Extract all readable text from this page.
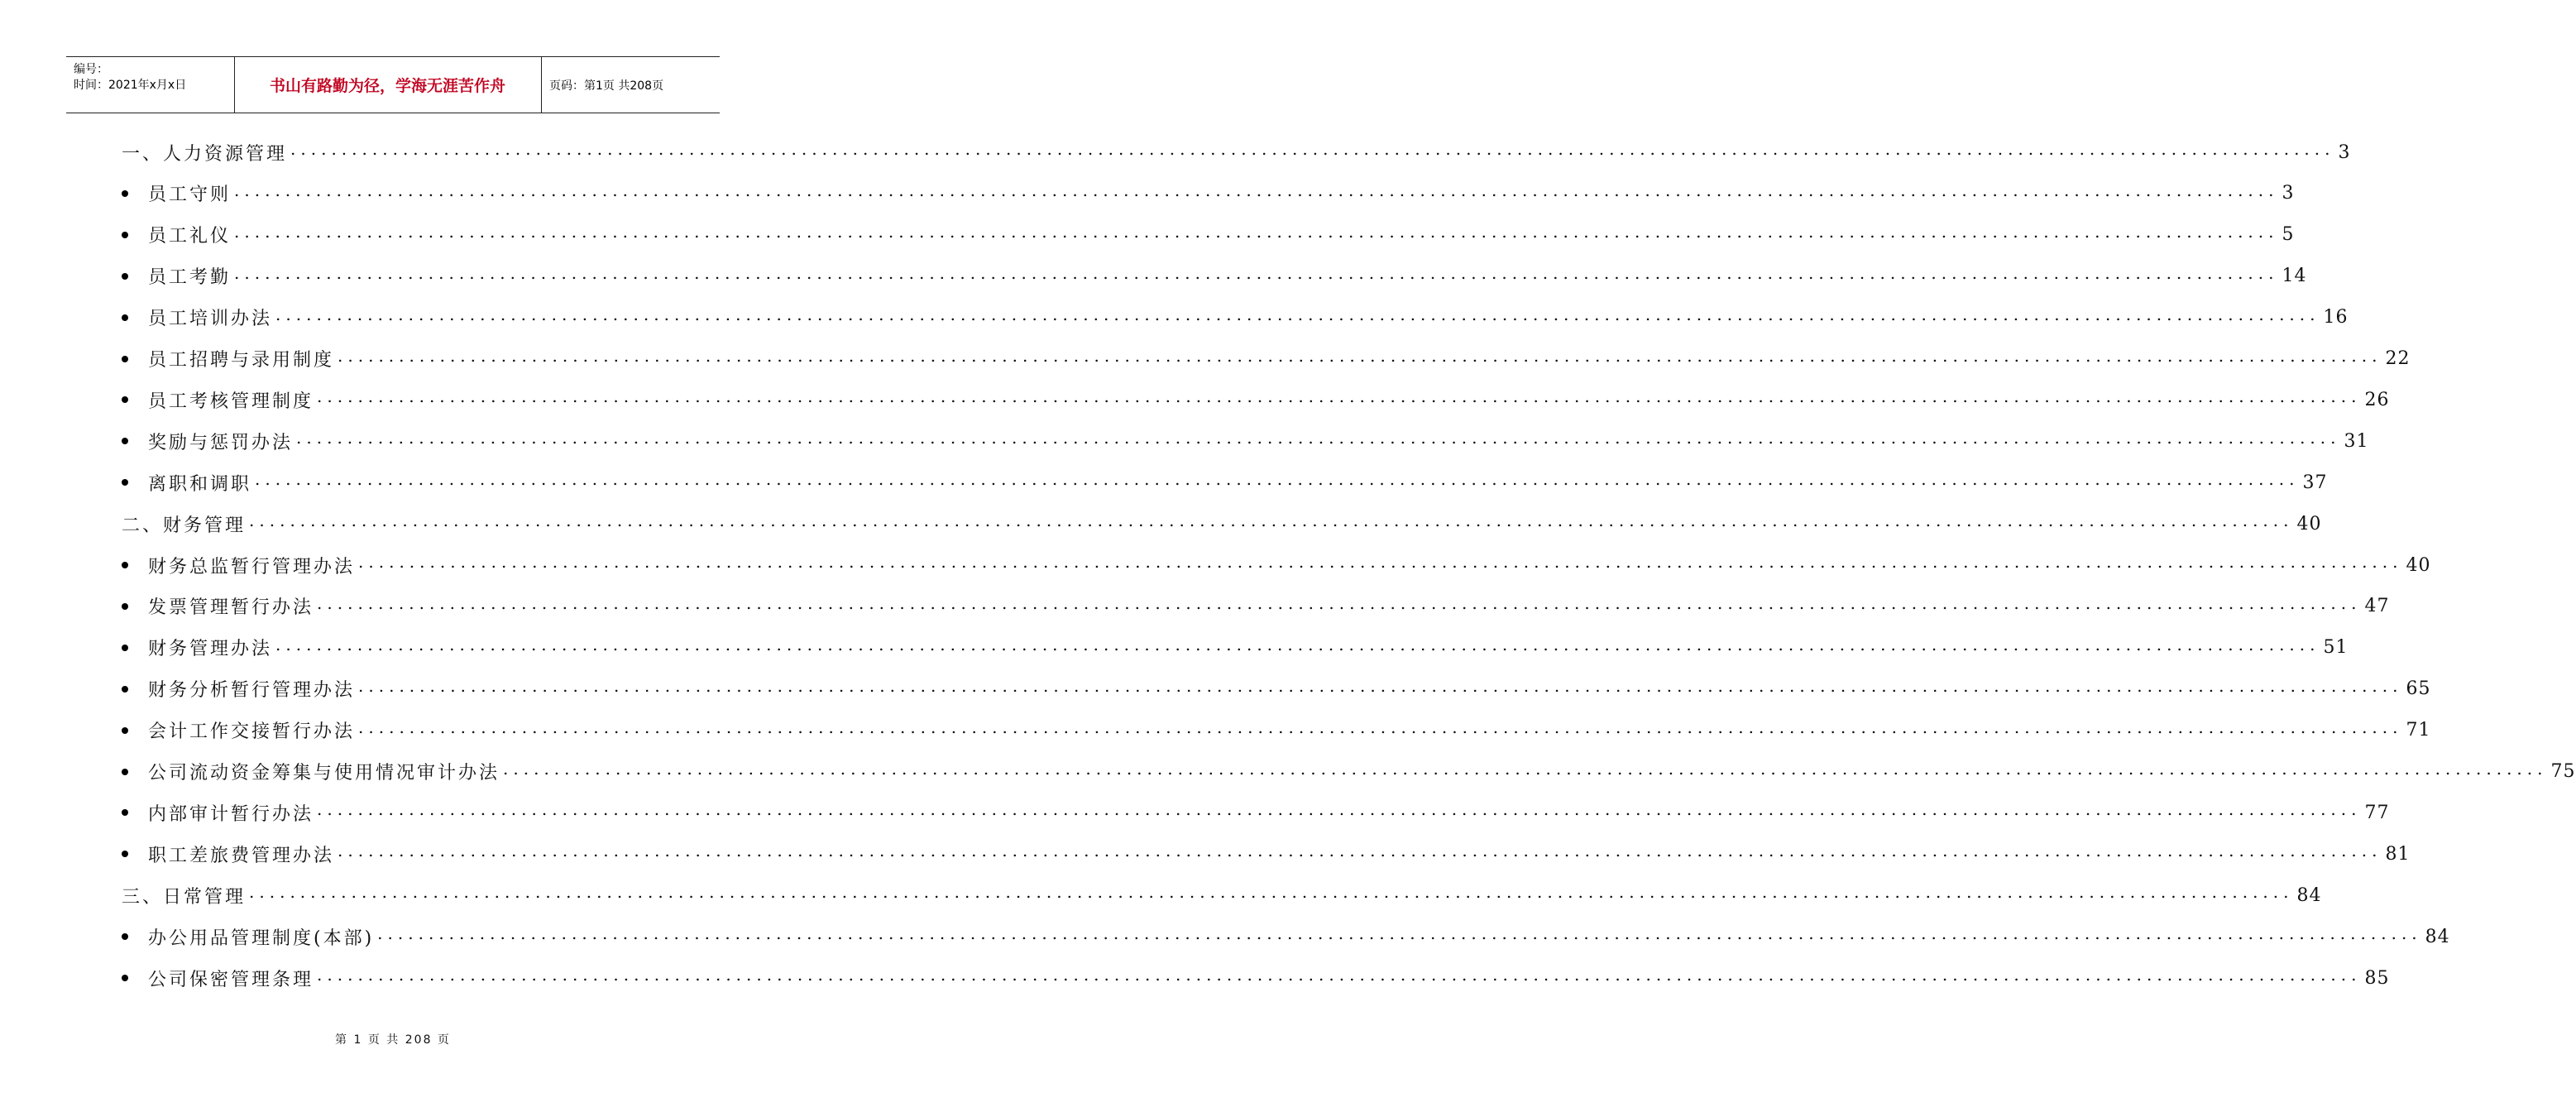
编号：
时间：2021年x月x日	书山有路勤为径，学海无涯苦作舟	页码：第1页 共208页
一、人力资源管理 ........................................................................................................................................................................................................ 3
员工守则 ........................................................................................................................................................................................................ 3
员工礼仪 ........................................................................................................................................................................................................ 5
员工考勤 ........................................................................................................................................................................................................ 14
员工培训办法 ........................................................................................................................................................................................................ 16
员工招聘与录用制度 ........................................................................................................................................................................................................ 22
员工考核管理制度 ........................................................................................................................................................................................................ 26
奖励与惩罚办法 ........................................................................................................................................................................................................ 31
离职和调职 ........................................................................................................................................................................................................ 37
二、财务管理 ........................................................................................................................................................................................................ 40
财务总监暂行管理办法 ........................................................................................................................................................................................................ 40
发票管理暂行办法 ........................................................................................................................................................................................................ 47
财务管理办法 ........................................................................................................................................................................................................ 51
财务分析暂行管理办法 ........................................................................................................................................................................................................ 65
会计工作交接暂行办法 ........................................................................................................................................................................................................ 71
公司流动资金筹集与使用情况审计办法 ........................................................................................................................................................................................................ 75
内部审计暂行办法 ........................................................................................................................................................................................................ 77
职工差旅费管理办法 ........................................................................................................................................................................................................ 81
三、日常管理 ........................................................................................................................................................................................................ 84
办公用品管理制度(本部) ........................................................................................................................................................................................................ 84
公司保密管理条理 ........................................................................................................................................................................................................ 85
第 1 页 共 208 页
